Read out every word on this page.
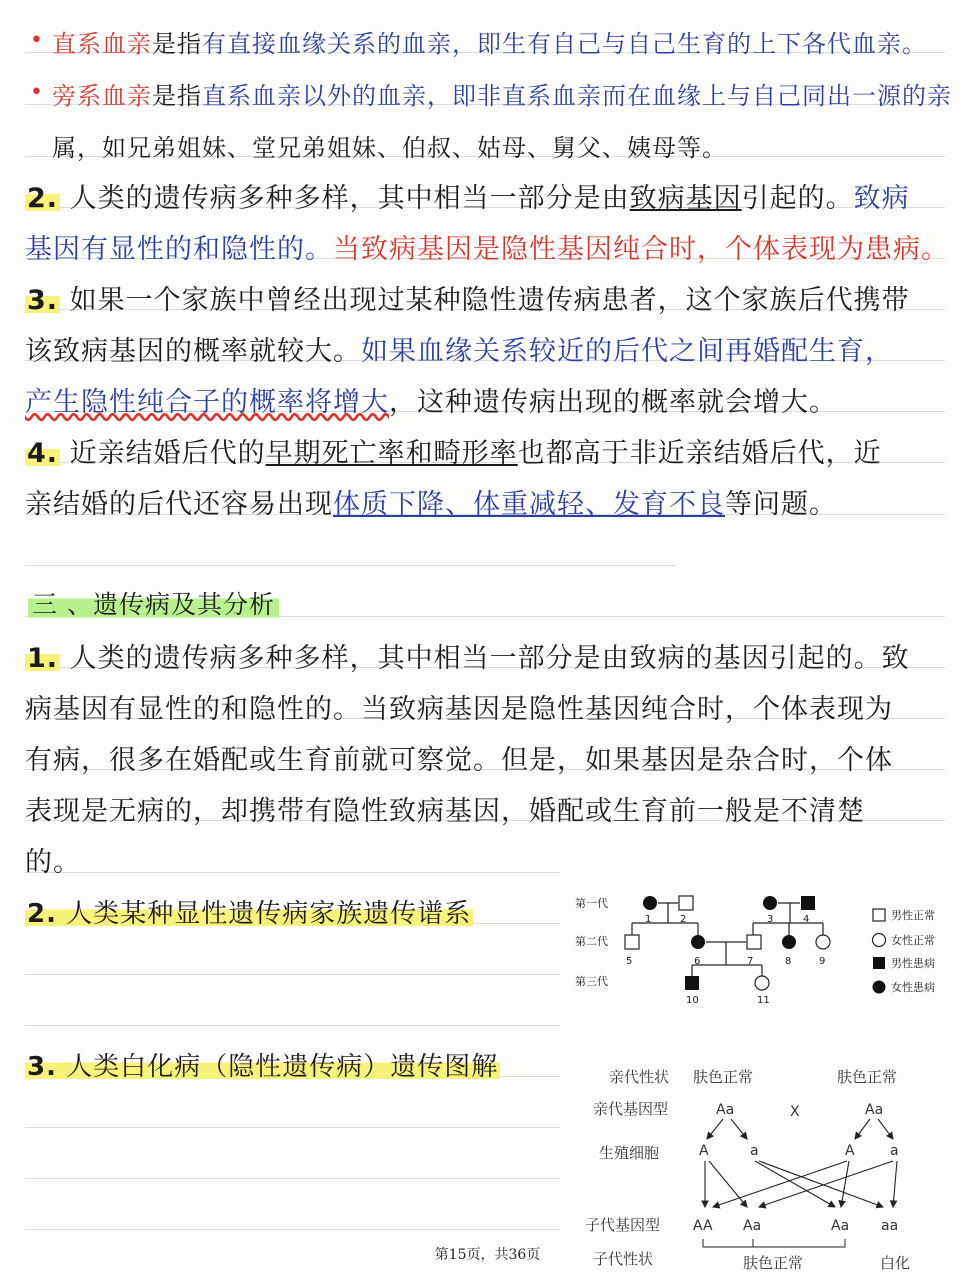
• 直系血亲是指有直接血缘关系的血亲，即生有自己与自己生育的上下各代血亲。
• 旁系血亲是指直系血亲以外的血亲，即非直系血亲而在血缘上与自己同出一源的亲
属，如兄弟姐妹、堂兄弟姐妹、伯叔、姑母、舅父、姨母等。
2. 人类的遗传病多种多样，其中相当一部分是由致病基因引起的。致病
基因有显性的和隐性的。当致病基因是隐性基因纯合时，个体表现为患病。
3. 如果一个家族中曾经出现过某种隐性遗传病患者，这个家族后代携带
该致病基因的概率就较大。如果血缘关系较近的后代之间再婚配生育，
产生隐性纯合子的概率将增大，这种遗传病出现的概率就会增大。
4. 近亲结婚后代的早期死亡率和畸形率也都高于非近亲结婚后代，近
亲结婚的后代还容易出现体质下降、体重减轻、发育不良等问题。
三 、遗传病及其分析
1. 人类的遗传病多种多样，其中相当一部分是由致病的基因引起的。致
病基因有显性的和隐性的。当致病基因是隐性基因纯合时，个体表现为
有病，很多在婚配或生育前就可察觉。但是，如果基因是杂合时，个体
表现是无病的，却携带有隐性致病基因，婚配或生育前一般是不清楚
的。
2. 人类某种显性遗传病家族遗传谱系
3. 人类白化病（隐性遗传病）遗传图解
第一代
第二代
第三代
1	2	3	4
5	6	7	8	9
10	11
男性正常
女性正常
男性患病
女性患病
亲代性状
亲代基因型
生殖细胞
子代基因型
子代性状
肤色正常	肤色正常
Aa	X	Aa
A	a	A	a
AA Aa	Aa aa
肤色正常	白化
第15页，共36页
